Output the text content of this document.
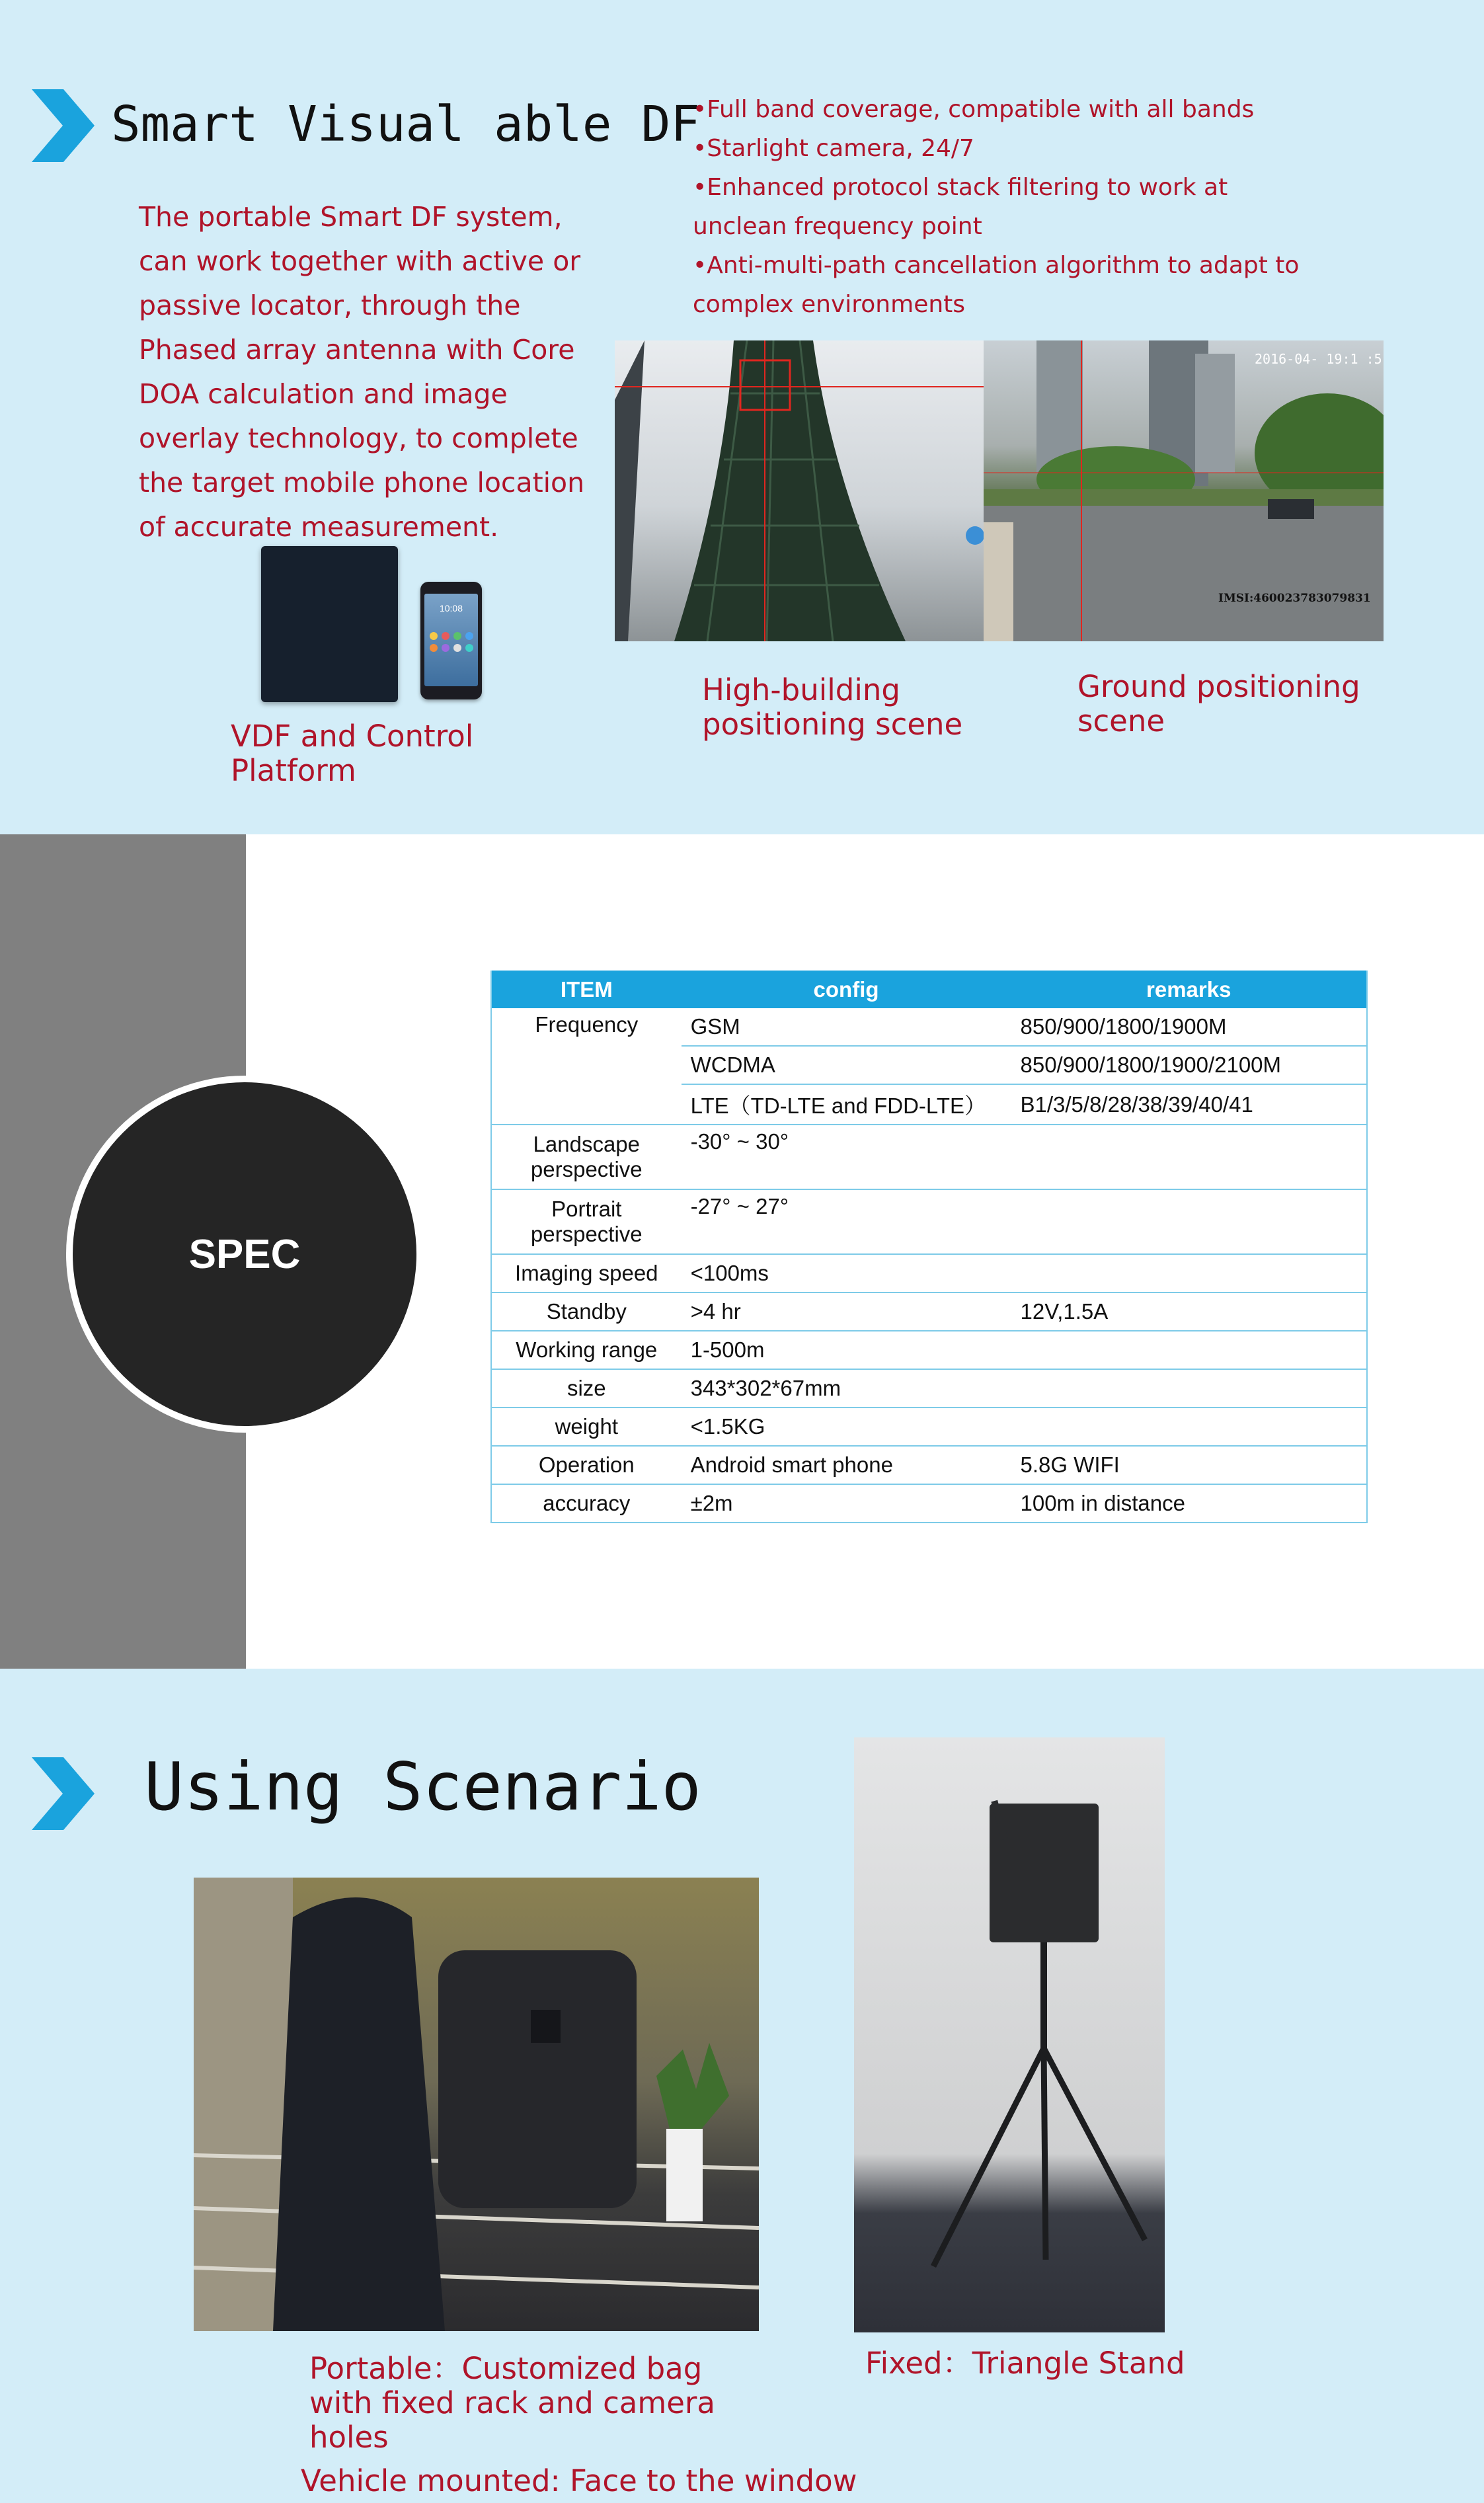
Smart Visual able DF
The portable Smart DF system, can work together with active or passive locator, through the Phased array antenna with Core DOA calculation and image overlay technology, to complete the target mobile phone location of accurate measurement.
•Full band coverage, compatible with all bands
•Starlight camera, 24/7
•Enhanced protocol stack filtering to work at unclean frequency point
•Anti-multi-path cancellation algorithm to adapt to complex environments
2016-04- 19:1 :5
IMSI:460023783079831
High-building positioning scene
Ground positioning scene
10:08
VDF and Control Platform
SPEC
ITEM	config	remarks
Frequency	GSM	850/900/1800/1900M
	WCDMA	850/900/1800/1900/2100M
	LTE（TD-LTE and FDD-LTE）	B1/3/5/8/28/38/39/40/41
Landscape perspective	-30° ~ 30°	
Portrait perspective	-27° ~ 27°	
Imaging speed	<100ms	
Standby	>4 hr	12V,1.5A
Working range	1-500m	
size	343*302*67mm	
weight	<1.5KG	
Operation	Android smart phone	5.8G WIFI
accuracy	±2m	100m in distance
Using Scenario
Portable：Customized bag with fixed rack and camera holes
Fixed：Triangle Stand
Vehicle mounted: Face to the window
